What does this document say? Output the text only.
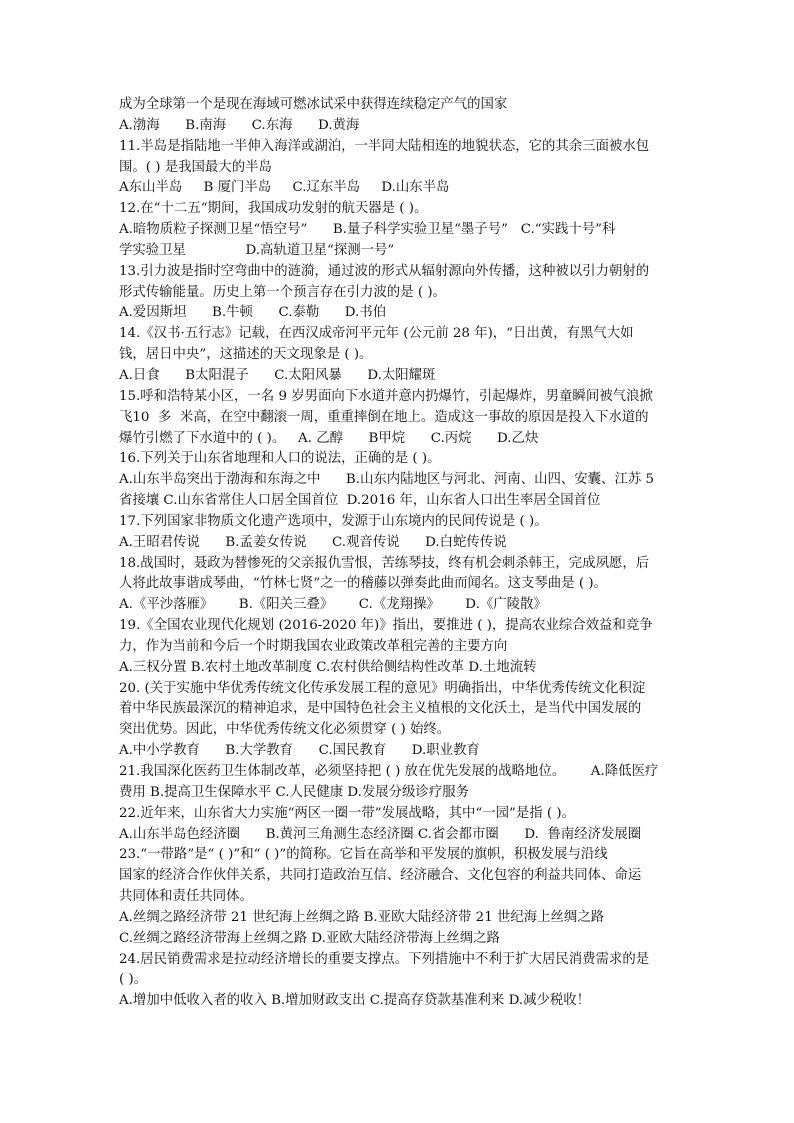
成为全球第一个是现在海域可燃冰试采中获得连续稳定产气的国家
A.渤海      B.南海      C.东海      D.黄海
11.半岛是指陆地一半伸入海洋或湖泊，一半同大陆相连的地貌状态，它的其余三面被水包
围。( ) 是我国最大的半岛
A东山半岛     B 厦门半岛     C.辽东半岛     D.山东半岛
12.在“十二五“期间，我国成功发射的航天器是 ( )。
A.暗物质粒子探测卫星“悟空号”      B.量子科学实验卫星“墨子号”   C.“实践十号”科
学实验卫星              D.高轨道卫星“探测一号”
13.引力波是指时空弯曲中的涟漪，通过波的形式从辐射源向外传播，这种被以引力朝射的
形式传输能量。历史上第一个预言存在引力波的是 ( )。
A.爱因斯坦      B.牛顿      C.泰勒      D.书伯
14.《汉书·五行志》记载，在西汉成帝河平元年 (公元前 28 年)，“日出黄，有黑气大如
钱，居日中央”，这描述的天文现象是 ( )。
A.日食      B太阳混子      C.太阳风暴      D.太阳耀斑
15.呼和浩特某小区，一名 9 岁男面向下水道并意内扔爆竹，引起爆炸，男童瞬间被气浪掀
飞10  多  米高，在空中翻滚一周，重重摔倒在地上。造成这一事故的原因是投入下水道的
爆竹引燃了下水道中的 ( )。   A. 乙醇      B甲烷      C.丙烷      D.乙炔
16.下列关于山东省地理和人口的说法，正确的是 ( )。
A.山东半岛突出于渤海和东海之中      B.山东内陆地区与河北、河南、山四、安囊、江苏 5
省接壤 C.山东省常住人口居全国首位  D.2016 年，山东省人口出生率居全国首位
17.下列国家非物质文化遗产选项中，发源于山东境内的民间传说是 ( )。
A.王昭君传说      B.孟姜女传说      C.观音传说      D.白蛇传传说
18.战国时，聂政为替惨死的父亲报仇雪恨，苦练琴技，终有机会刺杀韩王，完成夙愿，后
人将此故事谐成琴曲，“竹林七贤”之一的稽藤以弹奏此曲而闻名。这支琴曲是 ( )。
A.《平沙落雁》      B.《阳关三叠》      C.《龙翔操》      D.《广陵散》
19.《全国农业现代化规划 (2016-2020 年)》指出，要推进 ( )，提高农业综合效益和竞争
力，作为当前和今后一个时期我国农业政策改革租完善的主要方向
A.三权分置 B.农村土地改革制度 C.农村供给侧结构性改革 D.土地流转
20. (关于实施中华优秀传统文化传承发展工程的意见》明确指出，中华优秀传统文化积淀
着中华民族最深沉的精神追求，是中国特色社会主义植根的文化沃土，是当代中国发展的
突出优势。因此，中华优秀传统文化必须贯穿 ( ) 始终。
A.中小学教育      B.大学教育      C.国民教育      D.职业教育
21.我国深化医药卫生体制改革，必须坚持把 ( ) 放在优先发展的战略地位。      A.降低医疗
费用 B.提高卫生保障水平 C.人民健康 D.发展分级诊疗服务
22.近年来，山东省大力实施“两区一圈一带”发展战略，其中“一园”是指 ( )。
A.山东半岛色经济圈      B.黄河三角测生态经济圈 C.省会都市圈      D.  鲁南经济发展圈
23.“一带路”是“ ( )”和“ ( )”的简称。它旨在高举和平发展的旗帜，积极发展与沿线
国家的经济合作伙伴关系，共同打造政治互信、经济融合、文化包容的利益共同体、命运
共同体和责任共同体。
A.丝绸之路经济带 21 世纪海上丝绸之路 B.亚欧大陆经济带 21 世纪海上丝绸之路
C.丝绸之路经济带海上丝绸之路 D.亚欧大陆经济带海上丝绸之路
24.居民销费需求是拉动经济增长的重要支撑点。下列措施中不利于扩大居民消费需求的是
( )。
A.增加中低收入者的收入 B.增加财政支出 C.提高存贷款基准利来 D.减少税收！
